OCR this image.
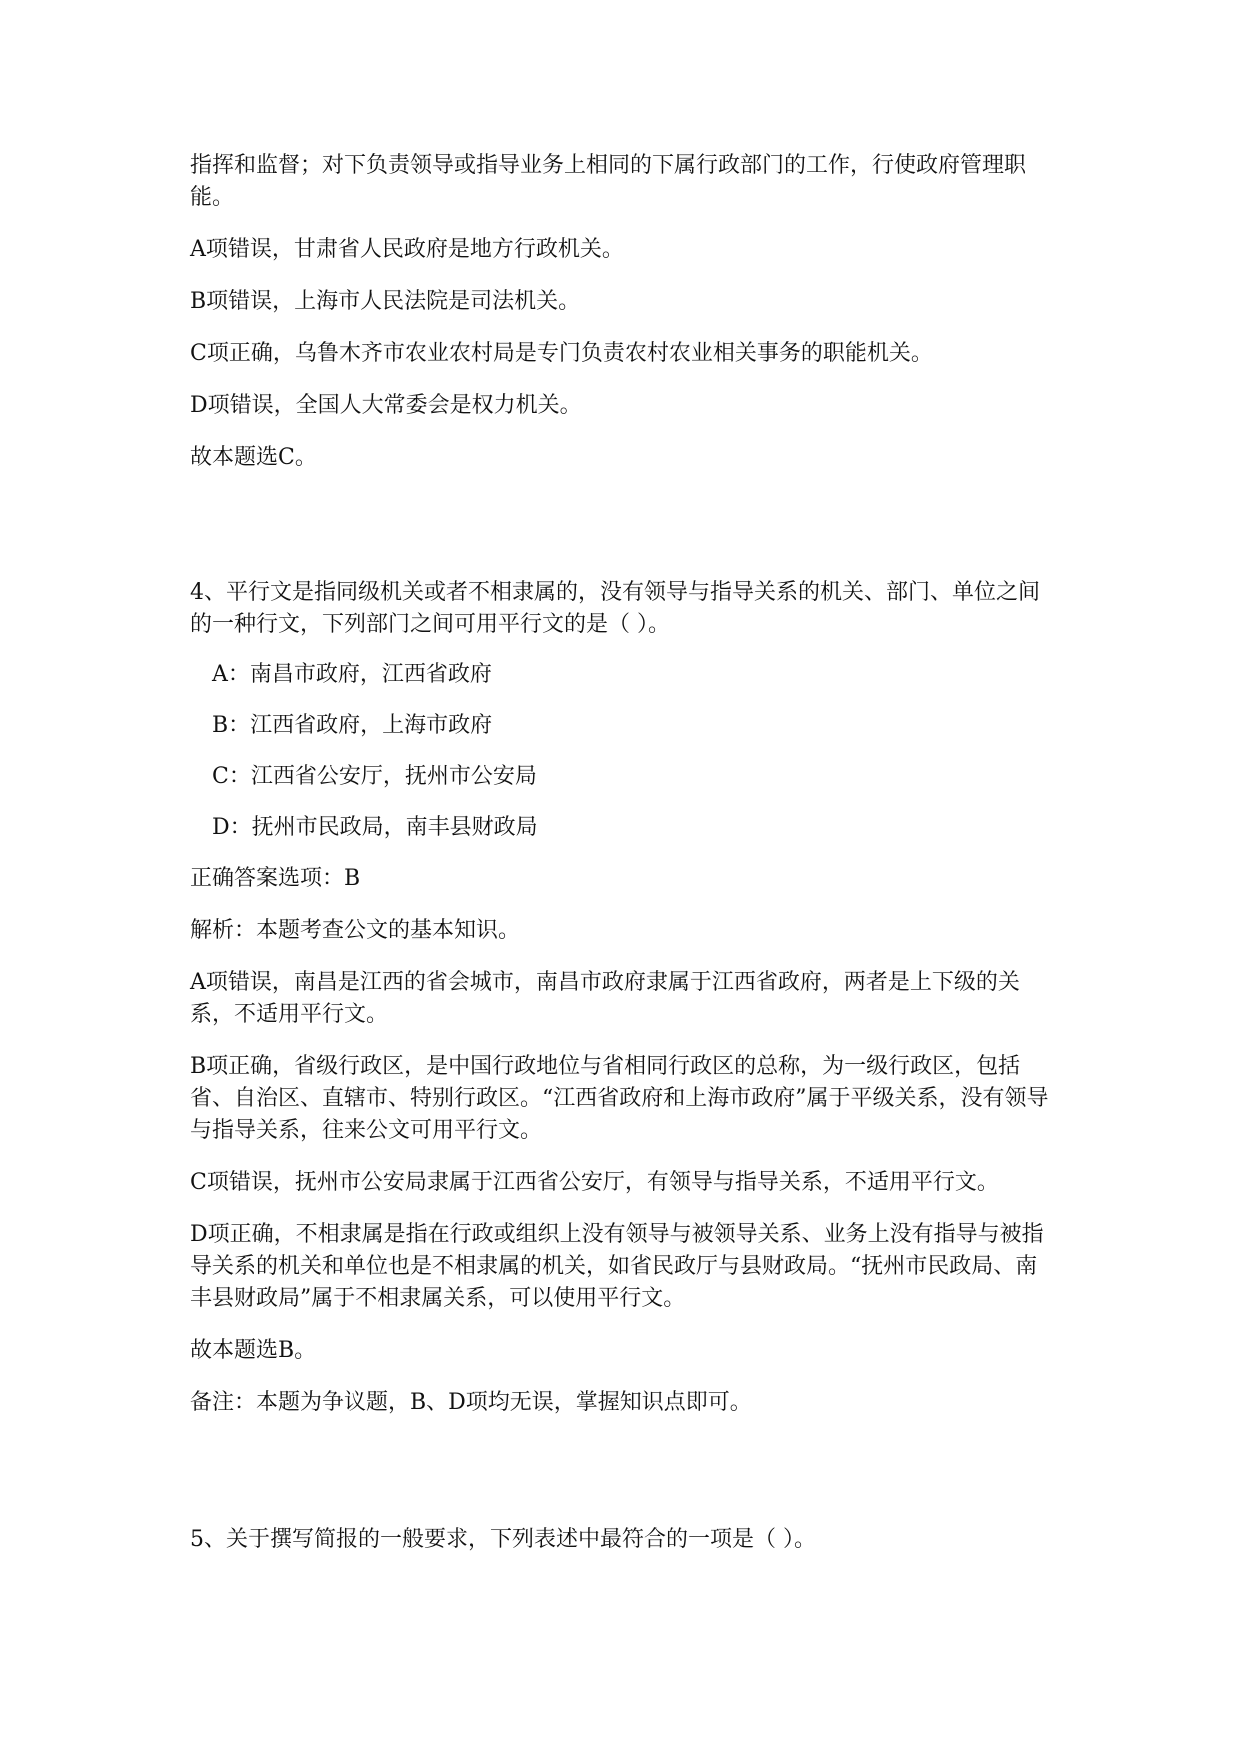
指挥和监督；对下负责领导或指导业务上相同的下属行政部门的工作，行使政府管理职能。

A项错误，甘肃省人民政府是地方行政机关。

B项错误，上海市人民法院是司法机关。

C项正确，乌鲁木齐市农业农村局是专门负责农村农业相关事务的职能机关。

D项错误，全国人大常委会是权力机关。

故本题选C。

4、平行文是指同级机关或者不相隶属的，没有领导与指导关系的机关、部门、单位之间的一种行文，下列部门之间可用平行文的是（ ）。

A：南昌市政府，江西省政府

B：江西省政府，上海市政府

C：江西省公安厅，抚州市公安局

D：抚州市民政局，南丰县财政局

正确答案选项：B

解析：本题考查公文的基本知识。

A项错误，南昌是江西的省会城市，南昌市政府隶属于江西省政府，两者是上下级的关系，不适用平行文。

B项正确，省级行政区，是中国行政地位与省相同行政区的总称，为一级行政区，包括省、自治区、直辖市、特别行政区。“江西省政府和上海市政府”属于平级关系，没有领导与指导关系，往来公文可用平行文。

C项错误，抚州市公安局隶属于江西省公安厅，有领导与指导关系，不适用平行文。

D项正确，不相隶属是指在行政或组织上没有领导与被领导关系、业务上没有指导与被指导关系的机关和单位也是不相隶属的机关，如省民政厅与县财政局。“抚州市民政局、南丰县财政局”属于不相隶属关系，可以使用平行文。

故本题选B。

备注：本题为争议题，B、D项均无误，掌握知识点即可。

5、关于撰写简报的一般要求，下列表述中最符合的一项是（ ）。
